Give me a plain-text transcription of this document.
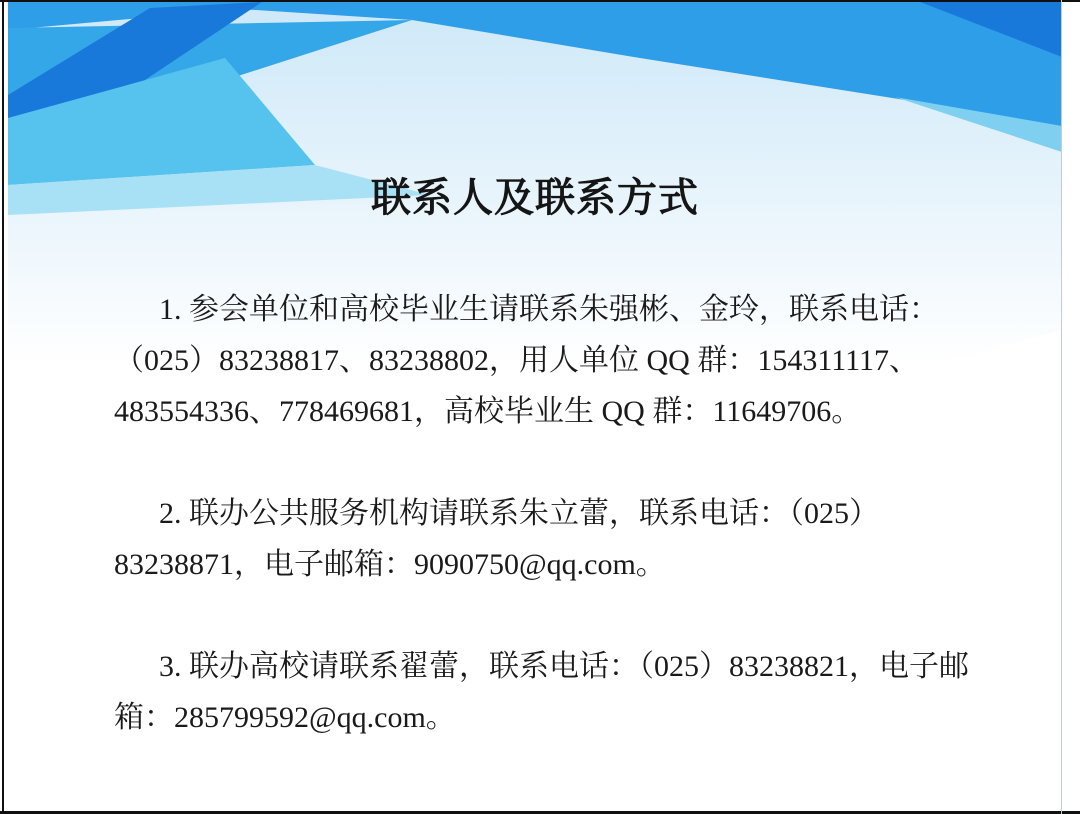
联系人及联系方式

1. 参会单位和高校毕业生请联系朱强彬、金玲，联系电话：（025）83238817、83238802，用人单位 QQ 群：154311117、483554336、778469681，高校毕业生 QQ 群：11649706。

2. 联办公共服务机构请联系朱立蕾，联系电话：（025）83238871，电子邮箱：9090750@qq.com。

3. 联办高校请联系翟蕾，联系电话：（025）83238821，电子邮箱：285799592@qq.com。
